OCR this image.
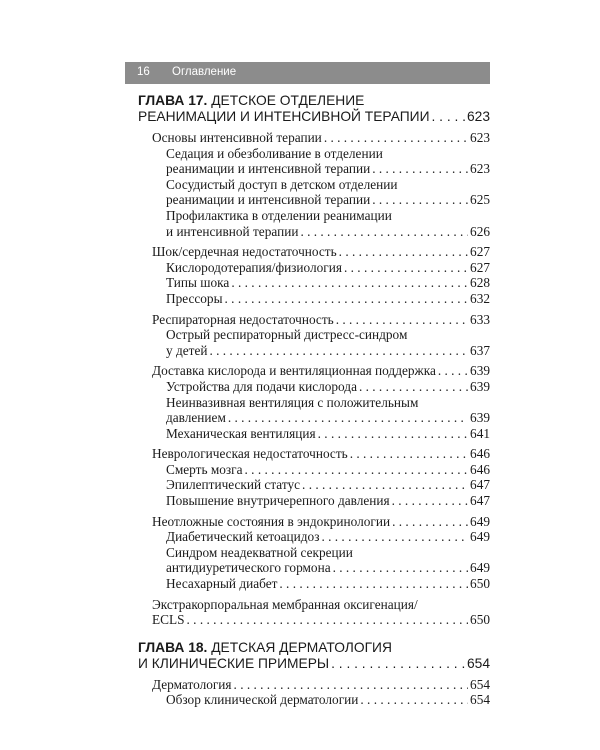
16 Оглавление
ГЛАВА 17. ДЕТСКОЕ ОТДЕЛЕНИЕ
РЕАНИМАЦИИ И ИНТЕНСИВНОЙ ТЕРАПИИ . . .	623
Основы интенсивной терапии . . .	623
Седация и обезболивание в отделении
реанимации и интенсивной терапии . . .	623
Сосудистый доступ в детском отделении
реанимации и интенсивной терапии . . .	625
Профилактика в отделении реанимации
и интенсивной терапии . . .	626
Шок/сердечная недостаточность . . .	627
Кислородотерапия/физиология . . .	627
Типы шока . . .	628
Прессоры . . .	632
Респираторная недостаточность . . .	633
Острый респираторный дистресс-синдром
у детей . . .	637
Доставка кислорода и вентиляционная поддержка . . .	639
Устройства для подачи кислорода . . .	639
Неинвазивная вентиляция с положительным
давлением . . .	639
Механическая вентиляция . . .	641
Неврологическая недостаточность . . .	646
Смерть мозга . . .	646
Эпилептический статус . . .	647
Повышение внутричерепного давления . . .	647
Неотложные состояния в эндокринологии . . .	649
Диабетический кетоацидоз . . .	649
Синдром неадекватной секреции
антидиуретического гормона . . .	649
Несахарный диабет . . .	650
Экстракорпоральная мембранная оксигенация/
ECLS . . .	650
ГЛАВА 18. ДЕТСКАЯ ДЕРМАТОЛОГИЯ
И КЛИНИЧЕСКИЕ ПРИМЕРЫ . . .	654
Дерматология . . .	654
Обзор клинической дерматологии . . .	654
